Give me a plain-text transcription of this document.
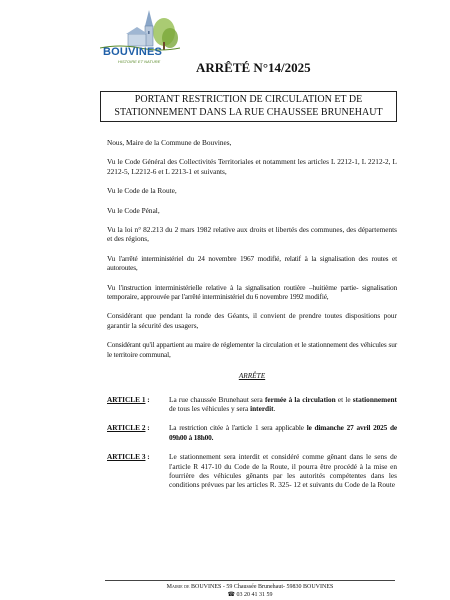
BOUVINES
HISTOIRE ET NATURE	ARRÊTÉ N°14/2025
PORTANT RESTRICTION DE CIRCULATION ET DE
STATIONNEMENT DANS LA RUE CHAUSSEE BRUNEHAUT

Nous, Maire de la Commune de Bouvines,

Vu le Code Général des Collectivités Territoriales et notamment les articles L 2212-1, L 2212-2, L 2212-5, L2212-6 et L 2213-1 et suivants,

Vu le Code de la Route,

Vu le Code Pénal,

Vu la loi n° 82.213 du 2 mars 1982 relative aux droits et libertés des communes, des départements et des régions,

Vu l'arrêté interministériel du 24 novembre 1967 modifié, relatif à la signalisation des routes et autoroutes,

Vu l'instruction interministérielle relative à la signalisation routière –huitième partie- signalisation temporaire, approuvée par l'arrêté interministériel du 6 novembre 1992 modifié,

Considérant que pendant la ronde des Géants, il convient de prendre toutes dispositions pour garantir la sécurité des usagers,

Considérant qu'il appartient au maire de réglementer la circulation et le stationnement des véhicules sur le territoire communal,

ARRÊTE
ARTICLE 1 :	La rue chaussée Brunehaut sera fermée à la circulation et le stationnement de tous les véhicules y sera interdit.
ARTICLE 2 :	La restriction citée à l'article 1 sera applicable le dimanche 27 avril 2025 de 09h00 à 18h00.
ARTICLE 3 :	Le stationnement sera interdit et considéré comme gênant dans le sens de l'article R 417-10 du Code de la Route, il pourra être procédé à la mise en fourrière des véhicules gênants par les autorités compétentes dans les conditions prévues par les articles R. 325- 12 et suivants du Code de la Route
Mairie de BOUVINES - 59 Chaussée Brunehaut- 59830 BOUVINES
☎ 03 20 41 31 59
